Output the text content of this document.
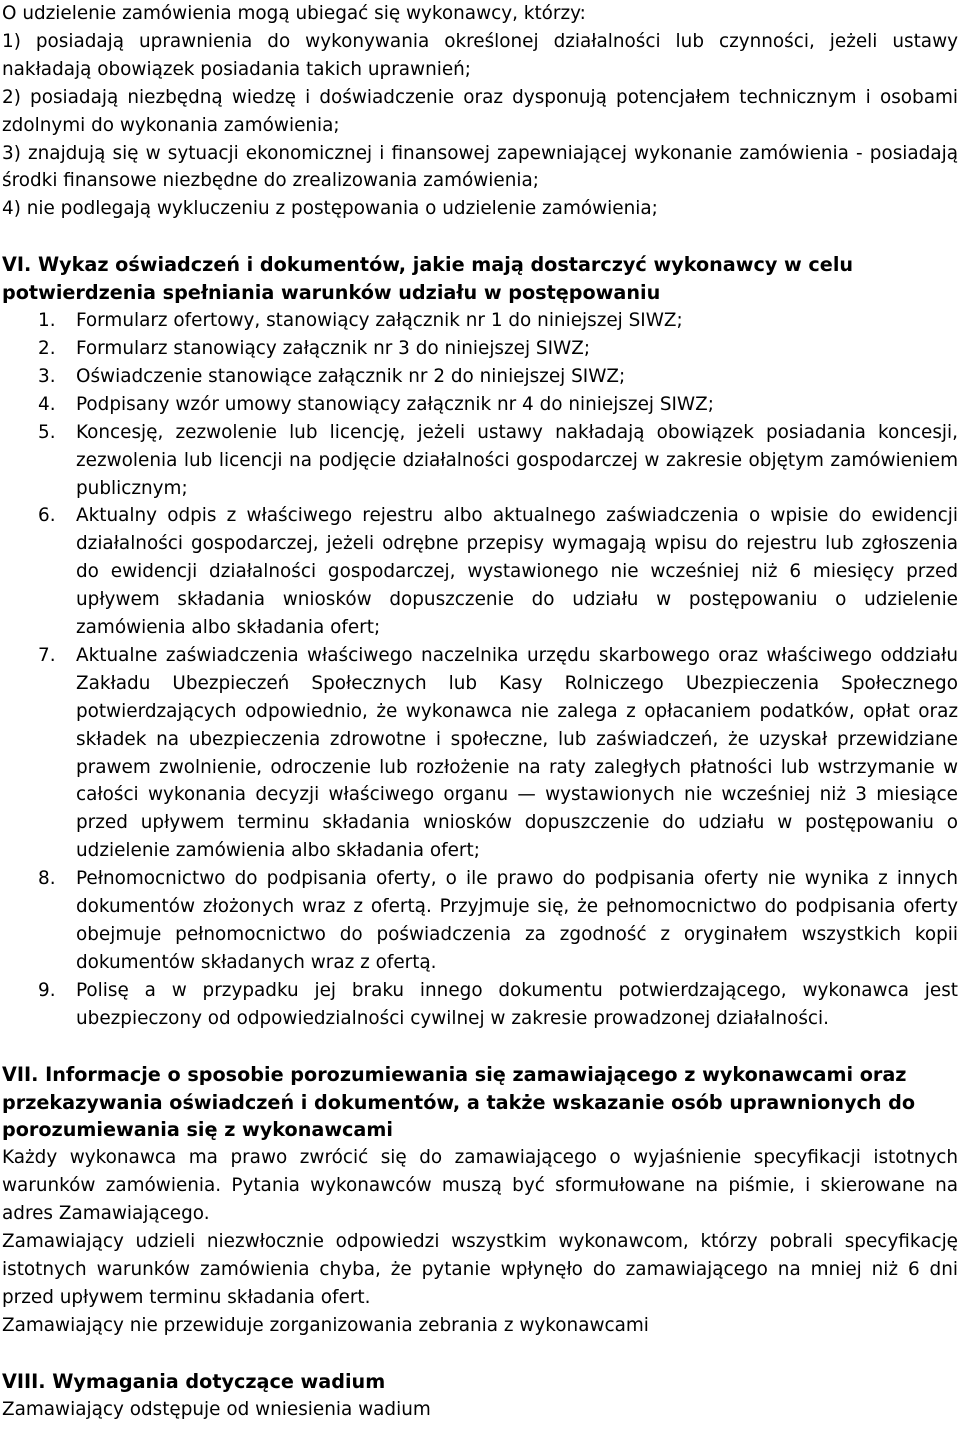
O udzielenie zamówienia mogą ubiegać się wykonawcy, którzy:

1) posiadają uprawnienia do wykonywania określonej działalności lub czynności, jeżeli ustawy nakładają obowiązek posiadania takich uprawnień;

2) posiadają niezbędną wiedzę i doświadczenie oraz dysponują potencjałem technicznym i osobami zdolnymi do wykonania zamówienia;

3) znajdują się w sytuacji ekonomicznej i finansowej zapewniającej wykonanie zamówienia - posiadają środki finansowe niezbędne do zrealizowania zamówienia;

4) nie podlegają wykluczeniu z postępowania o udzielenie zamówienia;

VI. Wykaz oświadczeń i dokumentów, jakie mają dostarczyć wykonawcy w celu potwierdzenia spełniania warunków udziału w postępowaniu

1.	Formularz ofertowy, stanowiący załącznik nr 1 do niniejszej SIWZ;
2.	Formularz stanowiący załącznik nr 3 do niniejszej SIWZ;
3.	Oświadczenie stanowiące załącznik nr 2 do niniejszej SIWZ;
4.	Podpisany wzór umowy stanowiący załącznik nr 4 do niniejszej SIWZ;
5.	Koncesję, zezwolenie lub licencję, jeżeli ustawy nakładają obowiązek posiadania koncesji, zezwolenia lub licencji na podjęcie działalności gospodarczej w zakresie objętym zamówieniem publicznym;
6.	Aktualny odpis z właściwego rejestru albo aktualnego zaświadczenia o wpisie do ewidencji działalności gospodarczej, jeżeli odrębne przepisy wymagają wpisu do rejestru lub zgłoszenia do ewidencji działalności gospodarczej, wystawionego nie wcześniej niż 6 miesięcy przed upływem składania wniosków dopuszczenie do udziału w postępowaniu o udzielenie zamówienia albo składania ofert;
7.	Aktualne zaświadczenia właściwego naczelnika urzędu skarbowego oraz właściwego oddziału Zakładu Ubezpieczeń Społecznych lub Kasy Rolniczego Ubezpieczenia Społecznego potwierdzających odpowiednio, że wykonawca nie zalega z opłacaniem podatków, opłat oraz składek na ubezpieczenia zdrowotne i społeczne, lub zaświadczeń, że uzyskał przewidziane prawem zwolnienie, odroczenie lub rozłożenie na raty zaległych płatności lub wstrzymanie w całości wykonania decyzji właściwego organu — wystawionych nie wcześniej niż 3 miesiące przed upływem terminu składania wniosków dopuszczenie do udziału w postępowaniu o udzielenie zamówienia albo składania ofert;
8.	Pełnomocnictwo do podpisania oferty, o ile prawo do podpisania oferty nie wynika z innych dokumentów złożonych wraz z ofertą. Przyjmuje się, że pełnomocnictwo do podpisania oferty obejmuje pełnomocnictwo do poświadczenia za zgodność z oryginałem wszystkich kopii dokumentów składanych wraz z ofertą.
9.	Polisę a w przypadku jej braku innego dokumentu potwierdzającego, wykonawca jest ubezpieczony od odpowiedzialności cywilnej w zakresie prowadzonej działalności.

VII. Informacje o sposobie porozumiewania się zamawiającego z wykonawcami oraz przekazywania oświadczeń i dokumentów, a także wskazanie osób uprawnionych do porozumiewania się z wykonawcami

Każdy wykonawca ma prawo zwrócić się do zamawiającego o wyjaśnienie specyfikacji istotnych warunków zamówienia. Pytania wykonawców muszą być sformułowane na piśmie, i skierowane na adres Zamawiającego.

Zamawiający udzieli niezwłocznie odpowiedzi wszystkim wykonawcom, którzy pobrali specyfikację istotnych warunków zamówienia chyba, że pytanie wpłynęło do zamawiającego na mniej niż 6 dni przed upływem terminu składania ofert.

Zamawiający nie przewiduje zorganizowania zebrania z wykonawcami

VIII. Wymagania dotyczące wadium

Zamawiający odstępuje od wniesienia wadium
